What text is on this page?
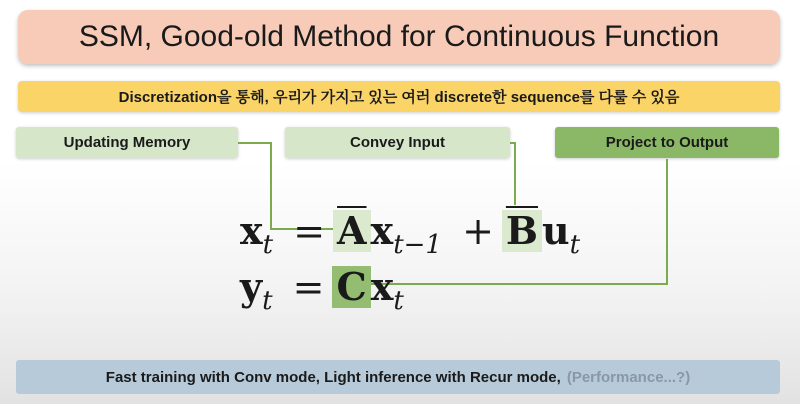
SSM, Good-old Method for Continuous Function
Discretization을 통해, 우리가 가지고 있는 여러 discrete한 sequence를 다룰 수 있음
Updating Memory	Convey Input	Project to Output
$x_t = \overline{A}$ $x_{t-1} + \overline{B}$ $u_t$
$y_t = C$ $x_t$
Fast training with Conv mode, Light inference with Recur mode, (Performance...?)
